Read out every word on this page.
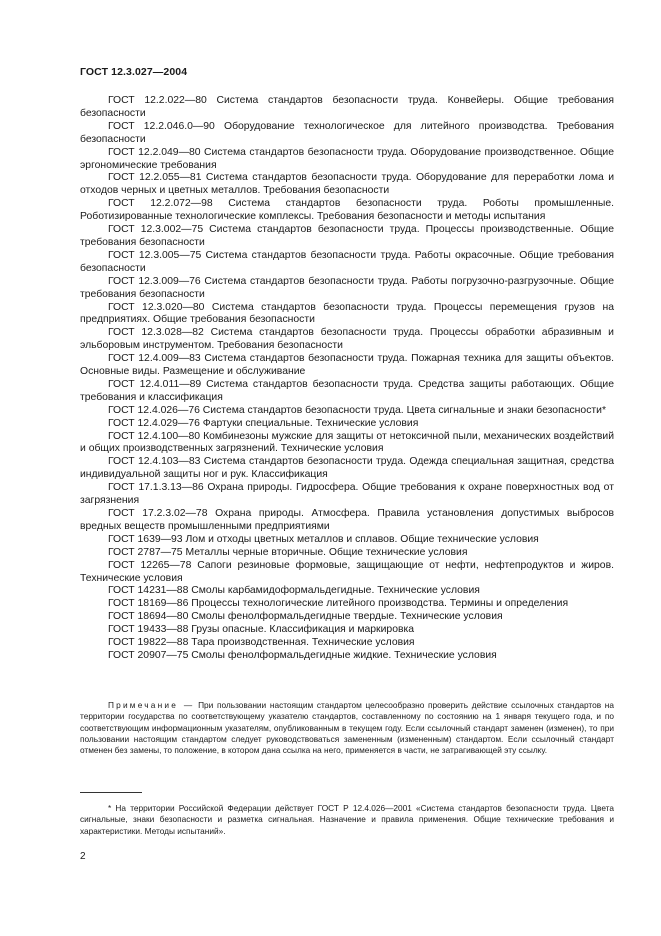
ГОСТ 12.3.027—2004

ГОСТ 12.2.022—80 Система стандартов безопасности труда. Конвейеры. Общие требования безопасности

ГОСТ 12.2.046.0—90 Оборудование технологическое для литейного производства. Требования безопасности

ГОСТ 12.2.049—80 Система стандартов безопасности труда. Оборудование производственное. Общие эргономические требования

ГОСТ 12.2.055—81 Система стандартов безопасности труда. Оборудование для переработки лома и отходов черных и цветных металлов. Требования безопасности

ГОСТ 12.2.072—98 Система стандартов безопасности труда. Роботы промышленные. Роботизированные технологические комплексы. Требования безопасности и методы испытания

ГОСТ 12.3.002—75 Система стандартов безопасности труда. Процессы производственные. Общие требования безопасности

ГОСТ 12.3.005—75 Система стандартов безопасности труда. Работы окрасочные. Общие требования безопасности

ГОСТ 12.3.009—76 Система стандартов безопасности труда. Работы погрузочно-разгрузочные. Общие требования безопасности

ГОСТ 12.3.020—80 Система стандартов безопасности труда. Процессы перемещения грузов на предприятиях. Общие требования безопасности

ГОСТ 12.3.028—82 Система стандартов безопасности труда. Процессы обработки абразивным и эльборовым инструментом. Требования безопасности

ГОСТ 12.4.009—83 Система стандартов безопасности труда. Пожарная техника для защиты объектов. Основные виды. Размещение и обслуживание

ГОСТ 12.4.011—89 Система стандартов безопасности труда. Средства защиты работающих. Общие требования и классификация

ГОСТ 12.4.026—76 Система стандартов безопасности труда. Цвета сигнальные и знаки безопасности*

ГОСТ 12.4.029—76 Фартуки специальные. Технические условия

ГОСТ 12.4.100—80 Комбинезоны мужские для защиты от нетоксичной пыли, механических воздействий и общих производственных загрязнений. Технические условия

ГОСТ 12.4.103—83 Система стандартов безопасности труда. Одежда специальная защитная, средства индивидуальной защиты ног и рук. Классификация

ГОСТ 17.1.3.13—86 Охрана природы. Гидросфера. Общие требования к охране поверхностных вод от загрязнения

ГОСТ 17.2.3.02—78 Охрана природы. Атмосфера. Правила установления допустимых выбросов вредных веществ промышленными предприятиями

ГОСТ 1639—93 Лом и отходы цветных металлов и сплавов. Общие технические условия

ГОСТ 2787—75 Металлы черные вторичные. Общие технические условия

ГОСТ 12265—78 Сапоги резиновые формовые, защищающие от нефти, нефтепродуктов и жиров. Технические условия

ГОСТ 14231—88 Смолы карбамидоформальдегидные. Технические условия

ГОСТ 18169—86 Процессы технологические литейного производства. Термины и определения

ГОСТ 18694—80 Смолы фенолформальдегидные твердые. Технические условия

ГОСТ 19433—88 Грузы опасные. Классификация и маркировка

ГОСТ 19822—88 Тара производственная. Технические условия

ГОСТ 20907—75 Смолы фенолформальдегидные жидкие. Технические условия

Примечание — При пользовании настоящим стандартом целесообразно проверить действие ссылочных стандартов на территории государства по соответствующему указателю стандартов, составленному по состоянию на 1 января текущего года, и по соответствующим информационным указателям, опубликованным в текущем году. Если ссылочный стандарт заменен (изменен), то при пользовании настоящим стандартом следует руководствоваться замененным (измененным) стандартом. Если ссылочный стандарт отменен без замены, то положение, в котором дана ссылка на него, применяется в части, не затрагивающей эту ссылку.

* На территории Российской Федерации действует ГОСТ Р 12.4.026—2001 «Система стандартов безопасности труда. Цвета сигнальные, знаки безопасности и разметка сигнальная. Назначение и правила применения. Общие технические требования и характеристики. Методы испытаний».

2
